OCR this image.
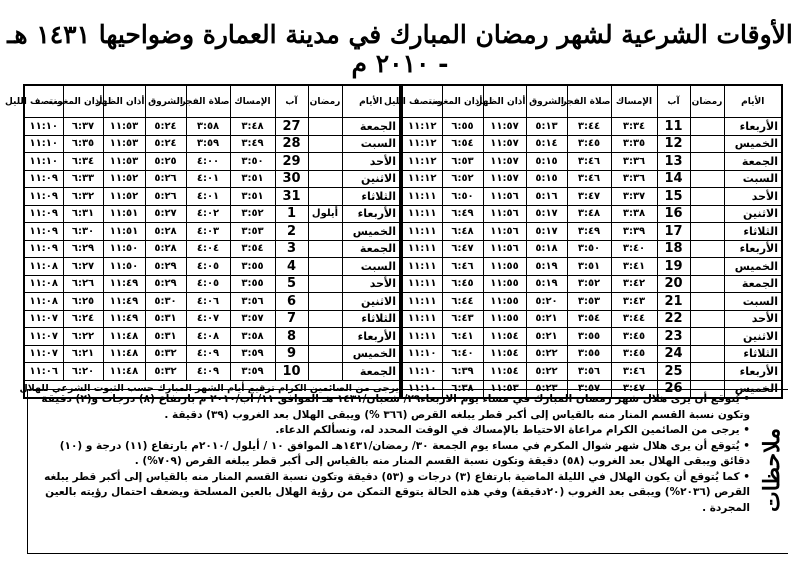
الأوقات الشرعية لشهر رمضان المبارك في مدينة العمارة وضواحيها ١٤٣١ هـ - ٢٠١٠ م
الأيام	رمضان	آب	الإمساك	صلاة الفجر	الشروق	أذان الظهر	أذان المغرب	منتصف الليل
الأربعاء		11	٣:٣٤	٣:٤٤	٥:١٣	١١:٥٧	٦:٥٥	١١:١٢
الخميس		12	٣:٣٥	٣:٤٥	٥:١٤	١١:٥٧	٦:٥٤	١١:١٢
الجمعة		13	٣:٣٦	٣:٤٦	٥:١٥	١١:٥٧	٦:٥٣	١١:١٢
السبت		14	٣:٣٦	٣:٤٦	٥:١٥	١١:٥٧	٦:٥٢	١١:١٢
الأحد		15	٣:٣٧	٣:٤٧	٥:١٦	١١:٥٦	٦:٥٠	١١:١١
الاثنين		16	٣:٣٨	٣:٤٨	٥:١٧	١١:٥٦	٦:٤٩	١١:١١
الثلاثاء		17	٣:٣٩	٣:٤٩	٥:١٧	١١:٥٦	٦:٤٨	١١:١١
الأربعاء		18	٣:٤٠	٣:٥٠	٥:١٨	١١:٥٦	٦:٤٧	١١:١١
الخميس		19	٣:٤١	٣:٥١	٥:١٩	١١:٥٥	٦:٤٦	١١:١١
الجمعة		20	٣:٤٢	٣:٥٢	٥:١٩	١١:٥٥	٦:٤٥	١١:١١
السبت		21	٣:٤٣	٣:٥٣	٥:٢٠	١١:٥٥	٦:٤٤	١١:١١
الأحد		22	٣:٤٤	٣:٥٤	٥:٢١	١١:٥٥	٦:٤٣	١١:١١
الاثنين		23	٣:٤٥	٣:٥٥	٥:٢١	١١:٥٤	٦:٤١	١١:١١
الثلاثاء		24	٣:٤٥	٣:٥٥	٥:٢٢	١١:٥٤	٦:٤٠	١١:١٠
الأربعاء		25	٣:٤٦	٣:٥٦	٥:٢٢	١١:٥٤	٦:٣٩	١١:١٠
الخميس		26	٣:٤٧	٣:٥٧	٥:٢٣	١١:٥٣	٦:٣٨	١١:١٠
الأيام	رمضان	آب	الإمساك	صلاة الفجر	الشروق	أذان الظهر	أذان المغرب	منتصف الليل
الجمعة		27	٣:٤٨	٣:٥٨	٥:٢٤	١١:٥٣	٦:٣٧	١١:١٠
السبت		28	٣:٤٩	٣:٥٩	٥:٢٤	١١:٥٣	٦:٣٥	١١:١٠
الأحد		29	٣:٥٠	٤:٠٠	٥:٢٥	١١:٥٣	٦:٣٤	١١:١٠
الاثنين		30	٣:٥١	٤:٠١	٥:٢٦	١١:٥٢	٦:٣٣	١١:٠٩
الثلاثاء		31	٣:٥١	٤:٠١	٥:٢٦	١١:٥٢	٦:٣٢	١١:٠٩
الأربعاء	أيلول	1	٣:٥٢	٤:٠٢	٥:٢٧	١١:٥١	٦:٣١	١١:٠٩
الخميس		2	٣:٥٣	٤:٠٣	٥:٢٨	١١:٥١	٦:٣٠	١١:٠٩
الجمعة		3	٣:٥٤	٤:٠٤	٥:٢٨	١١:٥٠	٦:٢٩	١١:٠٩
السبت		4	٣:٥٥	٤:٠٥	٥:٢٩	١١:٥٠	٦:٢٧	١١:٠٨
الأحد		5	٣:٥٥	٤:٠٥	٥:٢٩	١١:٤٩	٦:٢٦	١١:٠٨
الاثنين		6	٣:٥٦	٤:٠٦	٥:٣٠	١١:٤٩	٦:٢٥	١١:٠٨
الثلاثاء		7	٣:٥٧	٤:٠٧	٥:٣١	١١:٤٩	٦:٢٤	١١:٠٧
الأربعاء		8	٣:٥٨	٤:٠٨	٥:٣١	١١:٤٨	٦:٢٢	١١:٠٧
الخميس		9	٣:٥٩	٤:٠٩	٥:٣٢	١١:٤٨	٦:٢١	١١:٠٧
الجمعة		10	٣:٥٩	٤:٠٩	٥:٣٢	١١:٤٨	٦:٢٠	١١:٠٦
يرجى من الصائمين الكرام ترقيم أيام الشهر المبارك حسب الثبوت الشرعي للهلال								
ملاحظات

• يُتوقع أن يرى هلال شهر رمضان المبارك في مساء يوم الاربعاء٢٩/ شعبان/١٤٣١ هـ الموافق ١١/ آب/٢٠١٠ م بارتفاع (٨) درجات و(٢) دقيقة وتكون نسبة القسم المنار منه بالقياس إلى أكبر قطر يبلغه القرص (٣٦٦ %) ويبقى الهلال بعد الغروب (٣٩) دقيقة .

• يرجى من الصائمين الكرام مراعاة الاحتياط بالإمساك في الوقت المحدد له، ونسألكم الدعاء.

• يُتوقع أن يرى هلال شهر شوال المكرم في مساء يوم الجمعة ٣٠/ رمضان/١٤٣١هـ الموافق ١٠ / أيلول /٢٠١٠م بارتفاع (١١) درجة و (١٠) دقائق ويبقى الهلال بعد الغروب (٥٨) دقيقة وتكون نسبة القسم المنار منه بالقياس إلى أكبر قطر يبلغه القرص (٧٠٩%) .

• كما يُتوقع أن يكون الهلال في الليلة الماضية بارتفاع (٣) درجات و (٥٣) دقيقة وتكون نسبة القسم المنار منه بالقياس إلى أكبر قطر يبلغه القرص (٢٠٣٦%) ويبقى بعد الغروب (٢٠دقيقة) وفي هذه الحالة يتوقع التمكن من رؤية الهلال بالعين المسلحة ويضعف احتمال رؤيته بالعين المجردة .
